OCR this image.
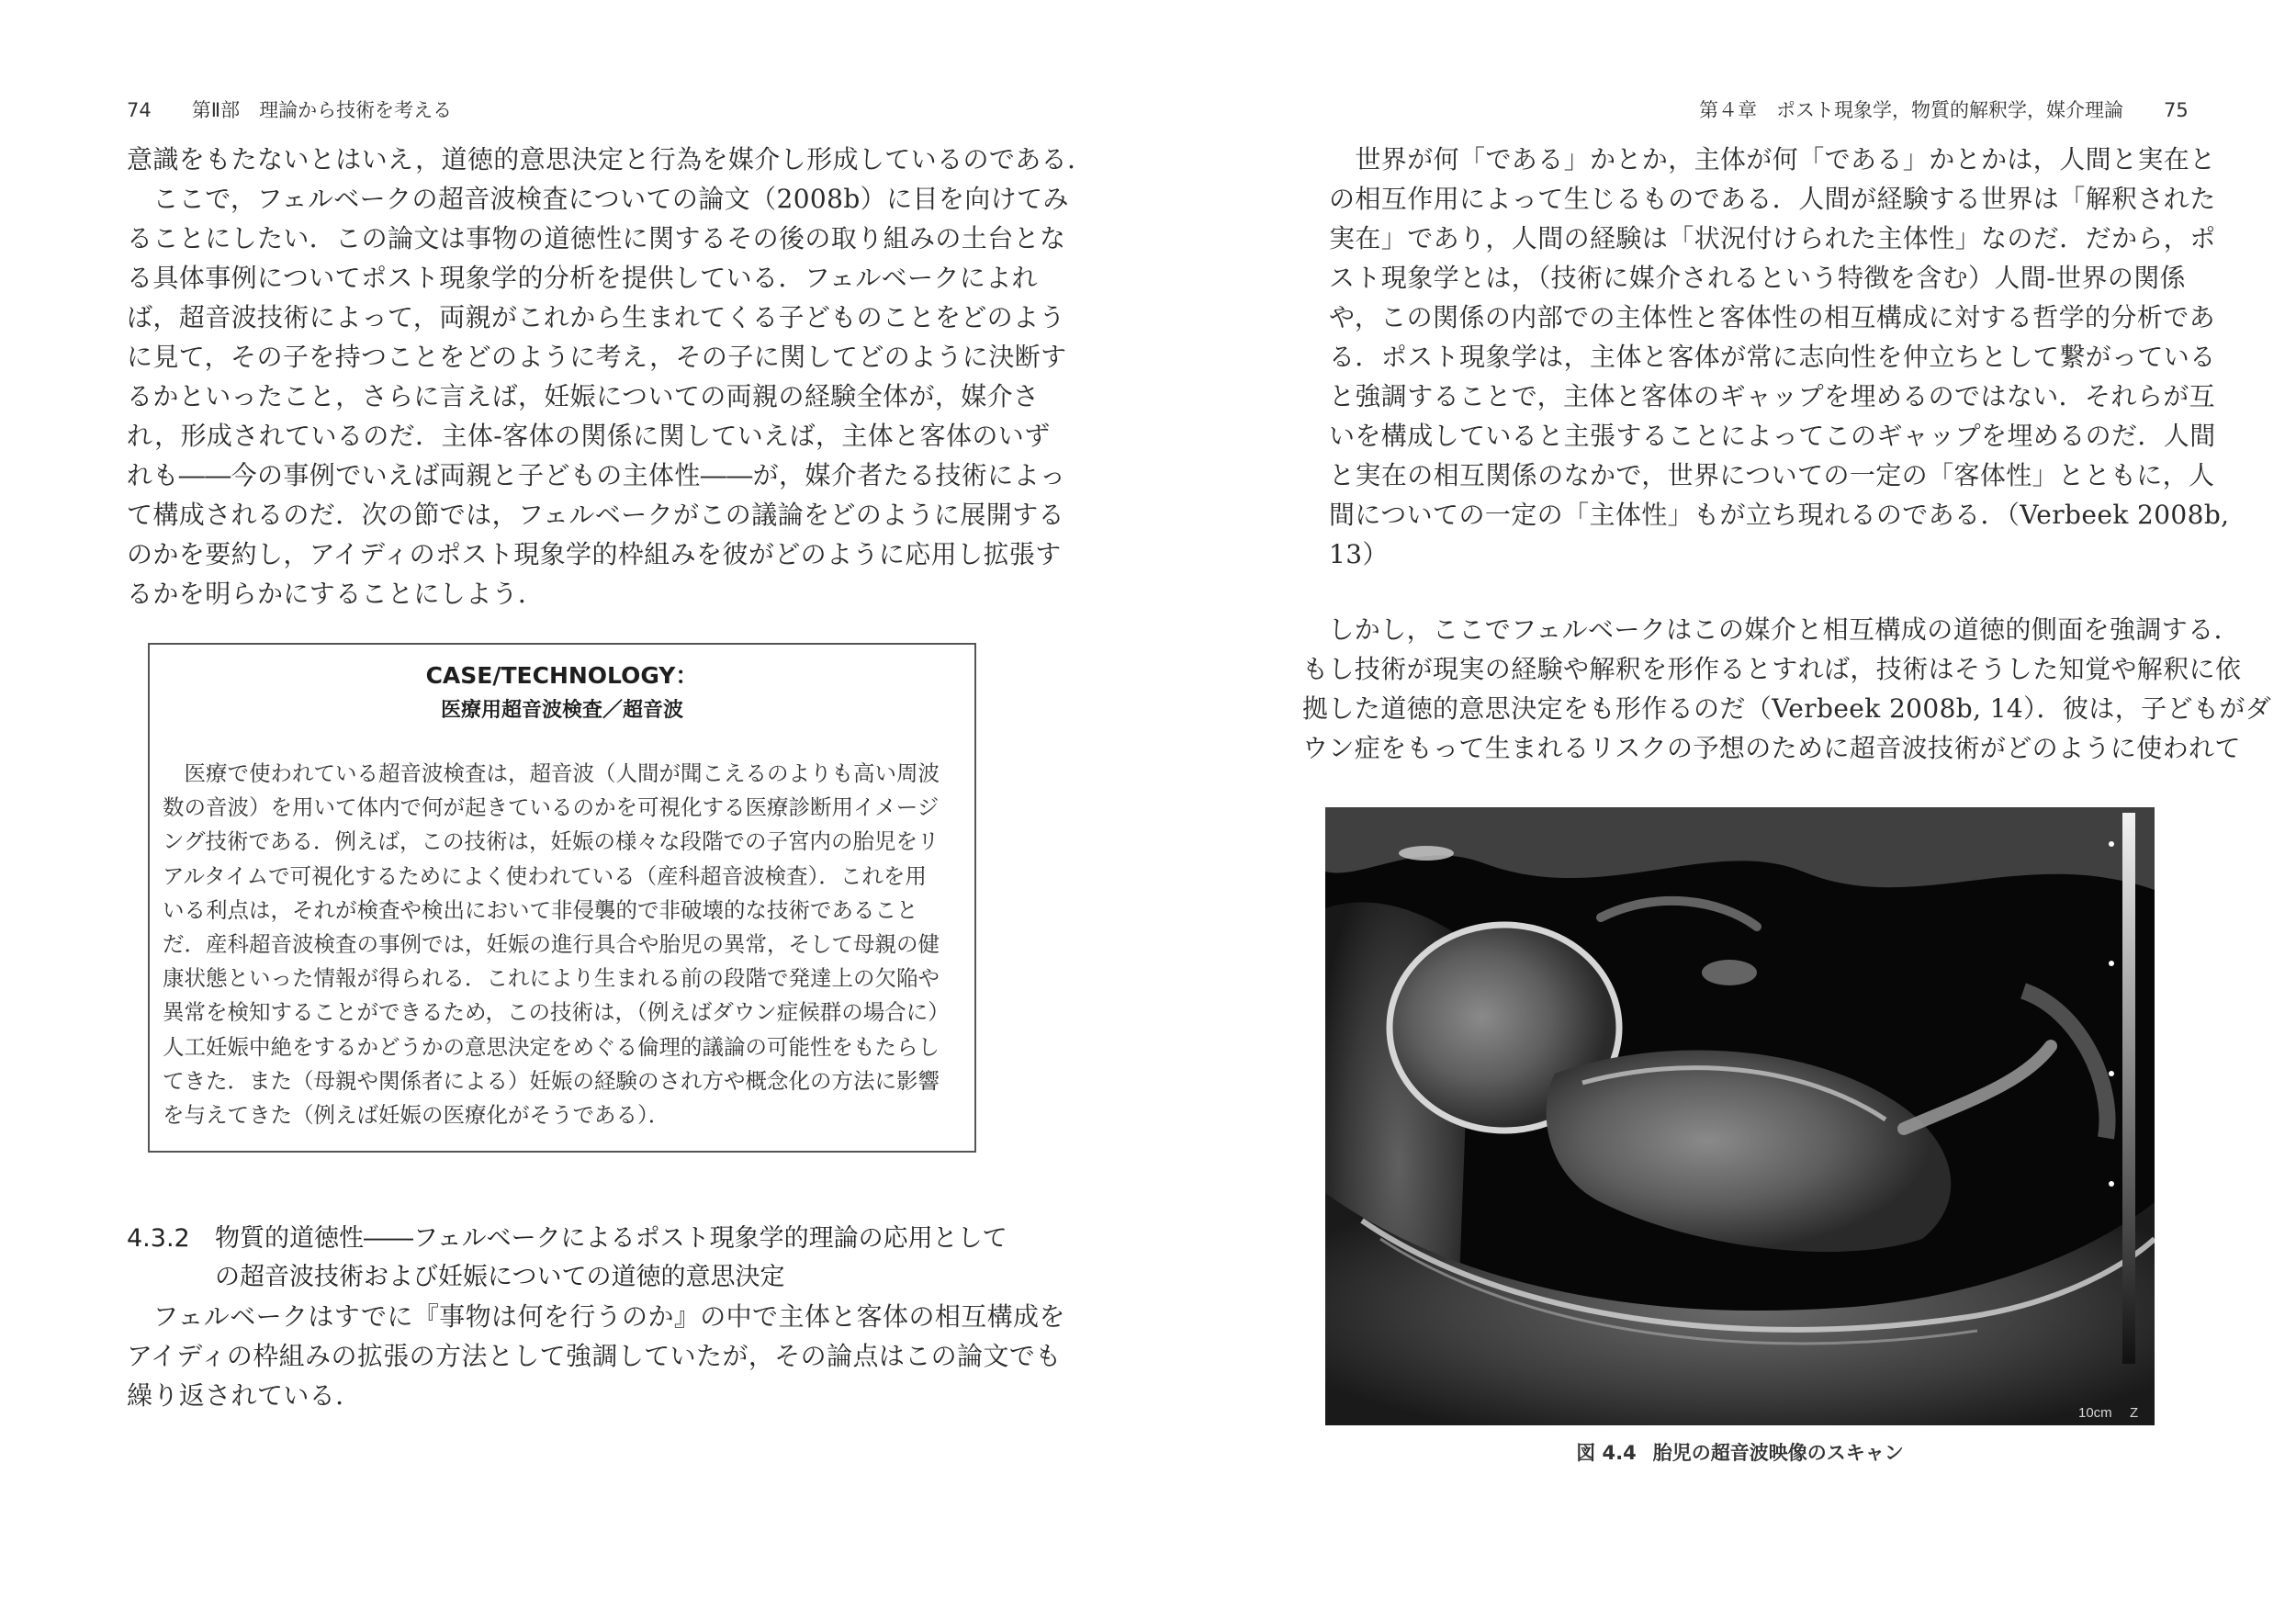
74 第Ⅱ部　理論から技術を考える
意識をもたないとはいえ，道徳的意思決定と行為を媒介し形成しているのである．
　ここで，フェルベークの超音波検査についての論文（2008b）に目を向けてみ
ることにしたい．この論文は事物の道徳性に関するその後の取り組みの土台とな
る具体事例についてポスト現象学的分析を提供している．フェルベークによれ
ば，超音波技術によって，両親がこれから生まれてくる子どものことをどのよう
に見て，その子を持つことをどのように考え，その子に関してどのように決断す
るかといったこと，さらに言えば，妊娠についての両親の経験全体が，媒介さ
れ，形成されているのだ．主体-客体の関係に関していえば，主体と客体のいず
れも――今の事例でいえば両親と子どもの主体性――が，媒介者たる技術によっ
て構成されるのだ．次の節では，フェルベークがこの議論をどのように展開する
のかを要約し，アイディのポスト現象学的枠組みを彼がどのように応用し拡張す
るかを明らかにすることにしよう．
CASE/TECHNOLOGY：
医療用超音波検査／超音波
　医療で使われている超音波検査は，超音波（人間が聞こえるのよりも高い周波
数の音波）を用いて体内で何が起きているのかを可視化する医療診断用イメージ
ング技術である．例えば，この技術は，妊娠の様々な段階での子宮内の胎児をリ
アルタイムで可視化するためによく使われている（産科超音波検査）．これを用
いる利点は，それが検査や検出において非侵襲的で非破壊的な技術であること
だ．産科超音波検査の事例では，妊娠の進行具合や胎児の異常，そして母親の健
康状態といった情報が得られる．これにより生まれる前の段階で発達上の欠陥や
異常を検知することができるため，この技術は，（例えばダウン症候群の場合に）
人工妊娠中絶をするかどうかの意思決定をめぐる倫理的議論の可能性をもたらし
てきた．また（母親や関係者による）妊娠の経験のされ方や概念化の方法に影響
を与えてきた（例えば妊娠の医療化がそうである）．
4.3.2 物質的道徳性――フェルベークによるポスト現象学的理論の応用として
の超音波技術および妊娠についての道徳的意思決定
　フェルベークはすでに『事物は何を行うのか』の中で主体と客体の相互構成を
アイディの枠組みの拡張の方法として強調していたが，その論点はこの論文でも
繰り返されている．
第４章　ポスト現象学，物質的解釈学，媒介理論 75
　世界が何「である」かとか，主体が何「である」かとかは，人間と実在と
の相互作用によって生じるものである．人間が経験する世界は「解釈された
実在」であり，人間の経験は「状況付けられた主体性」なのだ．だから，ポ
スト現象学とは，（技術に媒介されるという特徴を含む）人間-世界の関係
や，この関係の内部での主体性と客体性の相互構成に対する哲学的分析であ
る．ポスト現象学は，主体と客体が常に志向性を仲立ちとして繋がっている
と強調することで，主体と客体のギャップを埋めるのではない．それらが互
いを構成していると主張することによってこのギャップを埋めるのだ．人間
と実在の相互関係のなかで，世界についての一定の「客体性」とともに，人
間についての一定の「主体性」もが立ち現れるのである．（Verbeek 2008b,
13）
　しかし，ここでフェルベークはこの媒介と相互構成の道徳的側面を強調する．
もし技術が現実の経験や解釈を形作るとすれば，技術はそうした知覚や解釈に依
拠した道徳的意思決定をも形作るのだ（Verbeek 2008b, 14）．彼は，子どもがダ
ウン症をもって生まれるリスクの予想のために超音波技術がどのように使われて
10cm Z
図 4.4 胎児の超音波映像のスキャン
